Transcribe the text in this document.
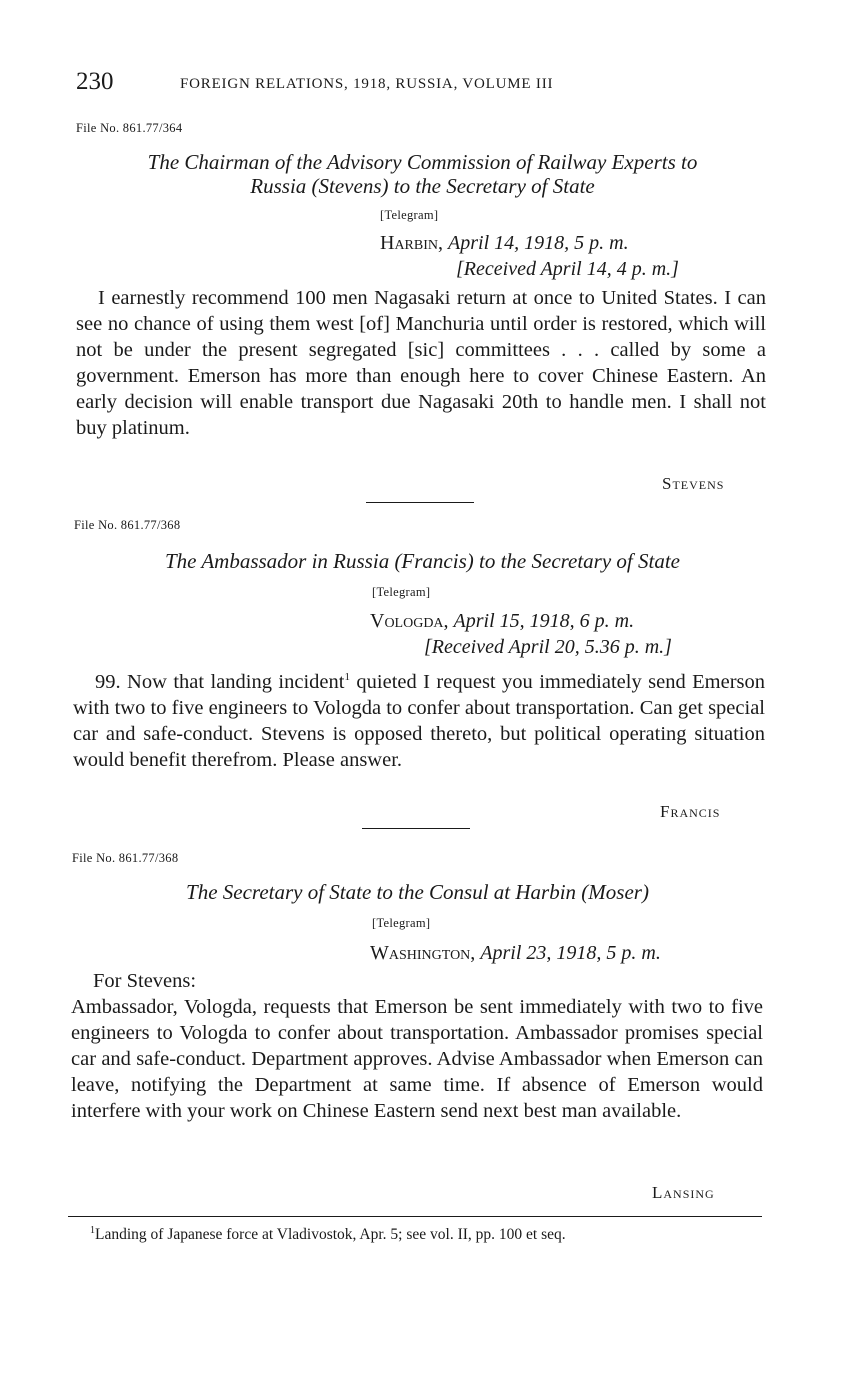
230	FOREIGN RELATIONS, 1918, RUSSIA, VOLUME III
File No. 861.77/364
The Chairman of the Advisory Commission of Railway Experts to
Russia (Stevens) to the Secretary of State
[Telegram]
Harbin, April 14, 1918, 5 p. m.
[Received April 14, 4 p. m.]

I earnestly recommend 100 men Nagasaki return at once to United States. I can see no chance of using them west [of] Manchuria until order is restored, which will not be under the present segregated [sic] committees . . . called by some a government. Emerson has more than enough here to cover Chinese Eastern. An early decision will enable transport due Nagasaki 20th to handle men. I shall not buy platinum.

Stevens
File No. 861.77/368
The Ambassador in Russia (Francis) to the Secretary of State
[Telegram]
Vologda, April 15, 1918, 6 p. m.
[Received April 20, 5.36 p. m.]

99. Now that landing incident$^1$ quieted I request you immediately send Emerson with two to five engineers to Vologda to confer about transportation. Can get special car and safe-conduct. Stevens is opposed thereto, but political operating situation would benefit therefrom. Please answer.

Francis
File No. 861.77/368
The Secretary of State to the Consul at Harbin (Moser)
[Telegram]
Washington, April 23, 1918, 5 p. m.

For Stevens:

Ambassador, Vologda, requests that Emerson be sent immediately with two to five engineers to Vologda to confer about transportation. Ambassador promises special car and safe-conduct. Department approves. Advise Ambassador when Emerson can leave, notifying the Department at same time. If absence of Emerson would interfere with your work on Chinese Eastern send next best man available.

Lansing
$^1$Landing of Japanese force at Vladivostok, Apr. 5; see vol. II, pp. 100 et seq.
